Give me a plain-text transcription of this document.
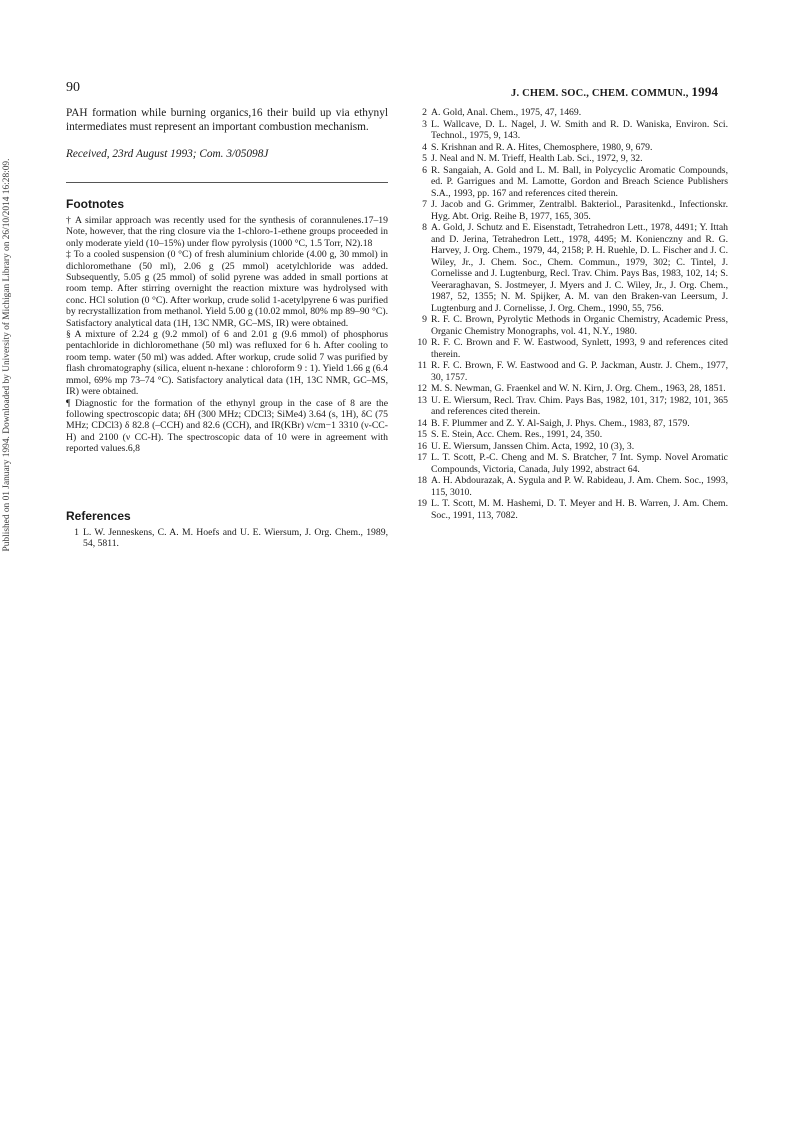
Published on 01 January 1994. Downloaded by University of Michigan Library on 26/10/2014 16:28:09.
90	J. CHEM. SOC., CHEM. COMMUN., 1994

PAH formation while burning organics,16 their build up via ethynyl intermediates must represent an important combustion mechanism.

Received, 23rd August 1993; Com. 3/05098J
Footnotes

† A similar approach was recently used for the synthesis of corannulenes.17–19 Note, however, that the ring closure via the 1-chloro-1-ethene groups proceeded in only moderate yield (10–15%) under flow pyrolysis (1000 °C, 1.5 Torr, N2).18

‡ To a cooled suspension (0 °C) of fresh aluminium chloride (4.00 g, 30 mmol) in dichloromethane (50 ml), 2.06 g (25 mmol) acetylchloride was added. Subsequently, 5.05 g (25 mmol) of solid pyrene was added in small portions at room temp. After stirring overnight the reaction mixture was hydrolysed with conc. HCl solution (0 °C). After workup, crude solid 1-acetylpyrene 6 was purified by recrystallization from methanol. Yield 5.00 g (10.02 mmol, 80% mp 89–90 °C). Satisfactory analytical data (1H, 13C NMR, GC–MS, IR) were obtained.

§ A mixture of 2.24 g (9.2 mmol) of 6 and 2.01 g (9.6 mmol) of phosphorus pentachloride in dichloromethane (50 ml) was refluxed for 6 h. After cooling to room temp. water (50 ml) was added. After workup, crude solid 7 was purified by flash chromatography (silica, eluent n-hexane : chloroform 9 : 1). Yield 1.66 g (6.4 mmol, 69% mp 73–74 °C). Satisfactory analytical data (1H, 13C NMR, GC–MS, IR) were obtained.

¶ Diagnostic for the formation of the ethynyl group in the case of 8 are the following spectroscopic data; δH (300 MHz; CDCl3; SiMe4) 3.64 (s, 1H), δC (75 MHz; CDCl3) δ 82.8 (–CCH) and 82.6 (CCH), and IR(KBr) ν/cm−1 3310 (ν-CC-H) and 2100 (ν CC-H). The spectroscopic data of 10 were in agreement with reported values.6,8

References
1 L. W. Jenneskens, C. A. M. Hoefs and U. E. Wiersum, J. Org. Chem., 1989, 54, 5811.
2 A. Gold, Anal. Chem., 1975, 47, 1469.
3 L. Wallcave, D. L. Nagel, J. W. Smith and R. D. Waniska, Environ. Sci. Technol., 1975, 9, 143.
4 S. Krishnan and R. A. Hites, Chemosphere, 1980, 9, 679.
5 J. Neal and N. M. Trieff, Health Lab. Sci., 1972, 9, 32.
6 R. Sangaiah, A. Gold and L. M. Ball, in Polycyclic Aromatic Compounds, ed. P. Garrigues and M. Lamotte, Gordon and Breach Science Publishers S.A., 1993, pp. 167 and references cited therein.
7 J. Jacob and G. Grimmer, Zentralbl. Bakteriol., Parasitenkd., Infectionskr. Hyg. Abt. Orig. Reihe B, 1977, 165, 305.
8 A. Gold, J. Schutz and E. Eisenstadt, Tetrahedron Lett., 1978, 4491; Y. Ittah and D. Jerina, Tetrahedron Lett., 1978, 4495; M. Konienczny and R. G. Harvey, J. Org. Chem., 1979, 44, 2158; P. H. Ruehle, D. L. Fischer and J. C. Wiley, Jr., J. Chem. Soc., Chem. Commun., 1979, 302; C. Tintel, J. Cornelisse and J. Lugtenburg, Recl. Trav. Chim. Pays Bas, 1983, 102, 14; S. Veeraraghavan, S. Jostmeyer, J. Myers and J. C. Wiley, Jr., J. Org. Chem., 1987, 52, 1355; N. M. Spijker, A. M. van den Braken-van Leersum, J. Lugtenburg and J. Cornelisse, J. Org. Chem., 1990, 55, 756.
9 R. F. C. Brown, Pyrolytic Methods in Organic Chemistry, Academic Press, Organic Chemistry Monographs, vol. 41, N.Y., 1980.
10 R. F. C. Brown and F. W. Eastwood, Synlett, 1993, 9 and references cited therein.
11 R. F. C. Brown, F. W. Eastwood and G. P. Jackman, Austr. J. Chem., 1977, 30, 1757.
12 M. S. Newman, G. Fraenkel and W. N. Kirn, J. Org. Chem., 1963, 28, 1851.
13 U. E. Wiersum, Recl. Trav. Chim. Pays Bas, 1982, 101, 317; 1982, 101, 365 and references cited therein.
14 B. F. Plummer and Z. Y. Al-Saigh, J. Phys. Chem., 1983, 87, 1579.
15 S. E. Stein, Acc. Chem. Res., 1991, 24, 350.
16 U. E. Wiersum, Janssen Chim. Acta, 1992, 10 (3), 3.
17 L. T. Scott, P.-C. Cheng and M. S. Bratcher, 7 Int. Symp. Novel Aromatic Compounds, Victoria, Canada, July 1992, abstract 64.
18 A. H. Abdourazak, A. Sygula and P. W. Rabideau, J. Am. Chem. Soc., 1993, 115, 3010.
19 L. T. Scott, M. M. Hashemi, D. T. Meyer and H. B. Warren, J. Am. Chem. Soc., 1991, 113, 7082.
